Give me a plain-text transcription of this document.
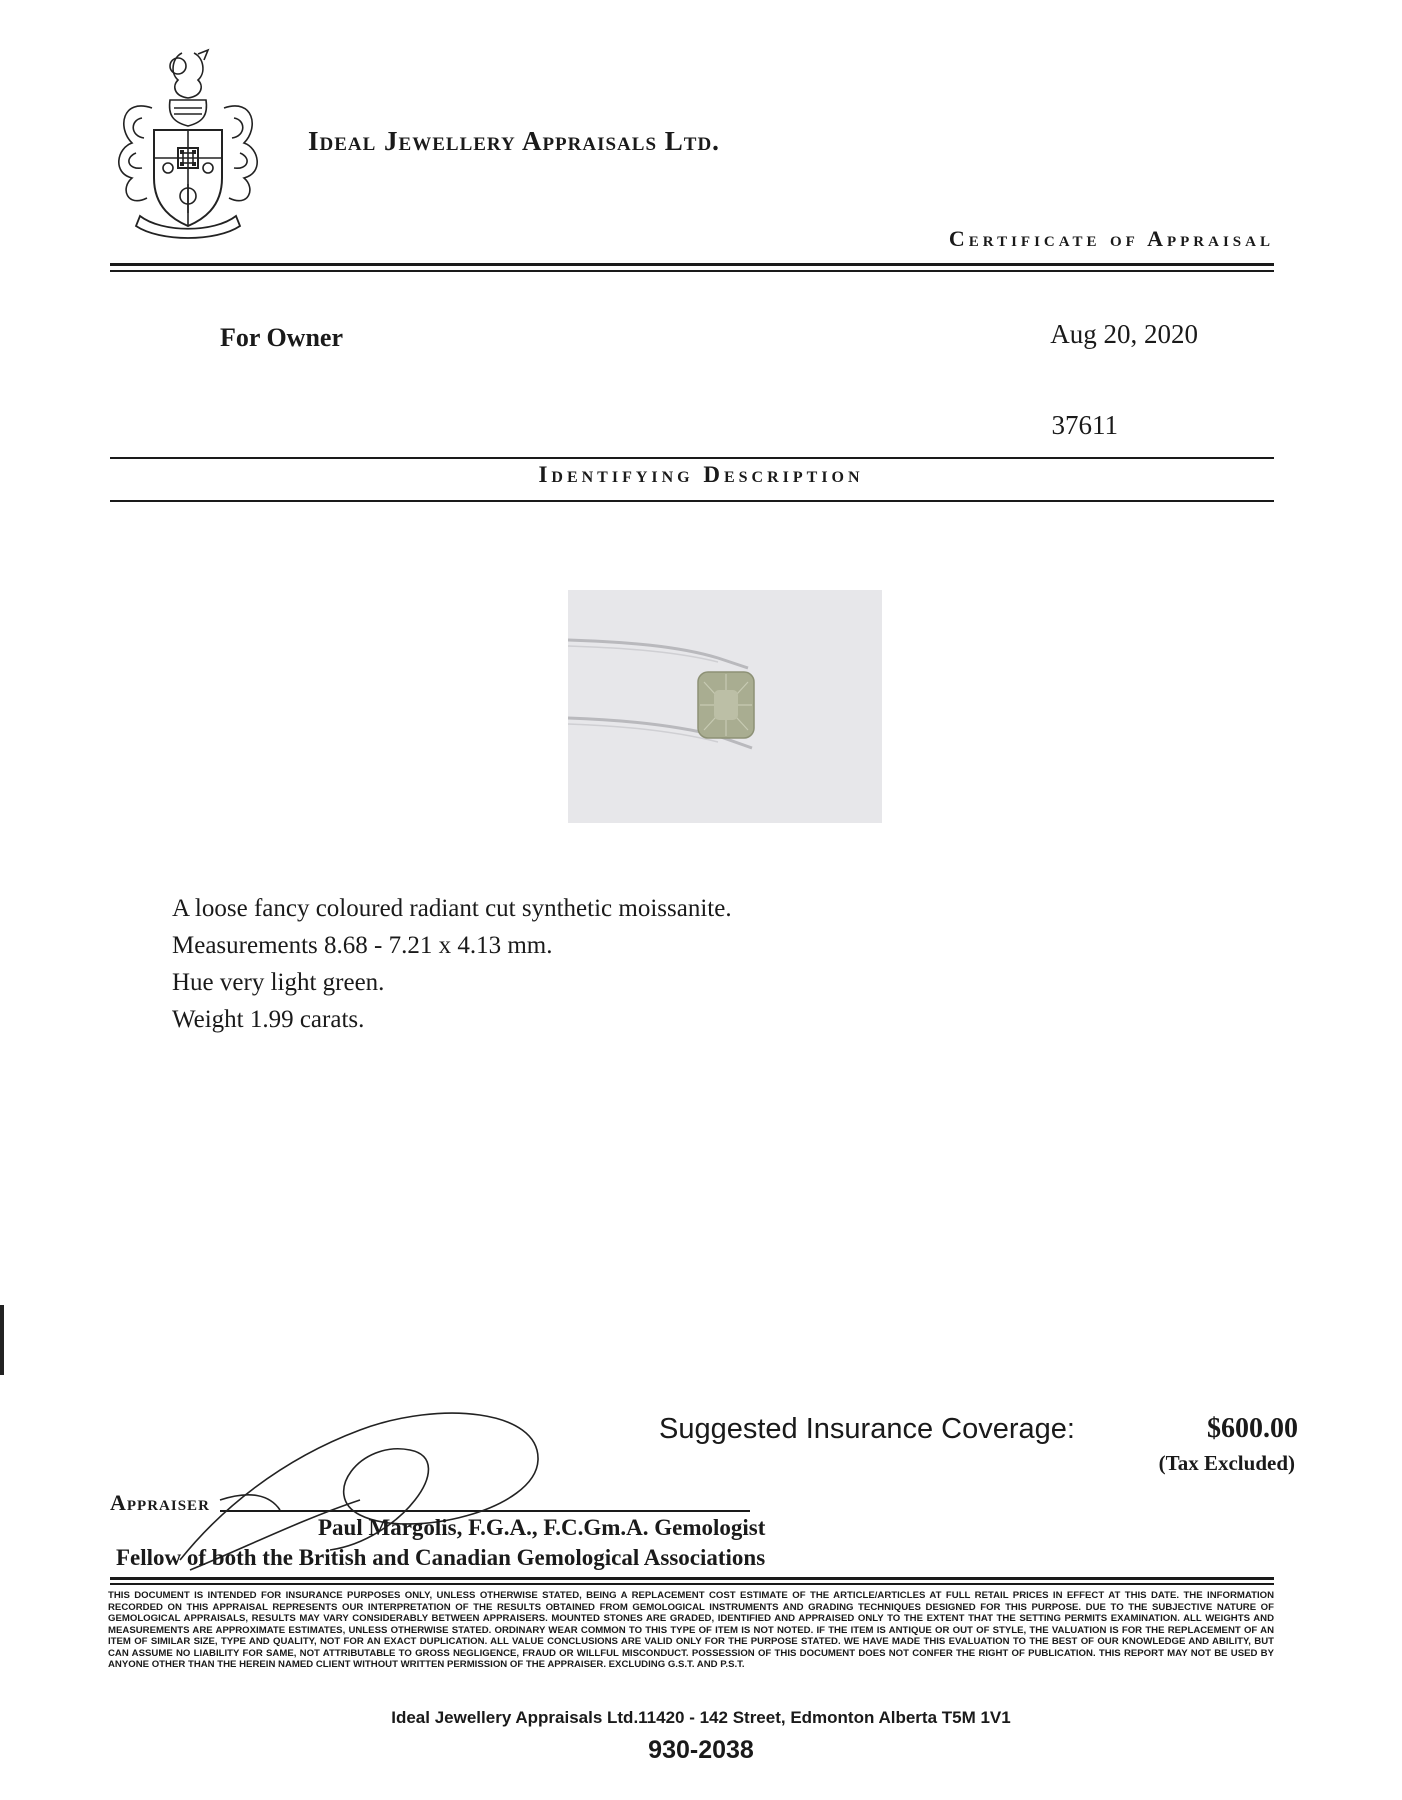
Ideal Jewellery Appraisals Ltd.
Certificate of Appraisal
For Owner	Aug 20, 2020
37611
Identifying Description
A loose fancy coloured radiant cut synthetic moissanite.
Measurements 8.68 - 7.21 x 4.13 mm.
Hue very light green.
Weight 1.99 carats.
Suggested Insurance Coverage:	$600.00
(Tax Excluded)
Appraiser
Paul Margolis, F.G.A., F.C.Gm.A. Gemologist
Fellow of both the British and Canadian Gemological Associations
THIS DOCUMENT IS INTENDED FOR INSURANCE PURPOSES ONLY, UNLESS OTHERWISE STATED, BEING A REPLACEMENT COST ESTIMATE OF THE ARTICLE/ARTICLES AT FULL RETAIL PRICES IN EFFECT AT THIS DATE. THE INFORMATION RECORDED ON THIS APPRAISAL REPRESENTS OUR INTERPRETATION OF THE RESULTS OBTAINED FROM GEMOLOGICAL INSTRUMENTS AND GRADING TECHNIQUES DESIGNED FOR THIS PURPOSE. DUE TO THE SUBJECTIVE NATURE OF GEMOLOGICAL APPRAISALS, RESULTS MAY VARY CONSIDERABLY BETWEEN APPRAISERS. MOUNTED STONES ARE GRADED, IDENTIFIED AND APPRAISED ONLY TO THE EXTENT THAT THE SETTING PERMITS EXAMINATION. ALL WEIGHTS AND MEASUREMENTS ARE APPROXIMATE ESTIMATES, UNLESS OTHERWISE STATED. ORDINARY WEAR COMMON TO THIS TYPE OF ITEM IS NOT NOTED. IF THE ITEM IS ANTIQUE OR OUT OF STYLE, THE VALUATION IS FOR THE REPLACEMENT OF AN ITEM OF SIMILAR SIZE, TYPE AND QUALITY, NOT FOR AN EXACT DUPLICATION. ALL VALUE CONCLUSIONS ARE VALID ONLY FOR THE PURPOSE STATED. WE HAVE MADE THIS EVALUATION TO THE BEST OF OUR KNOWLEDGE AND ABILITY, BUT CAN ASSUME NO LIABILITY FOR SAME, NOT ATTRIBUTABLE TO GROSS NEGLIGENCE, FRAUD OR WILLFUL MISCONDUCT. POSSESSION OF THIS DOCUMENT DOES NOT CONFER THE RIGHT OF PUBLICATION. THIS REPORT MAY NOT BE USED BY ANYONE OTHER THAN THE HEREIN NAMED CLIENT WITHOUT WRITTEN PERMISSION OF THE APPRAISER. EXCLUDING G.S.T. AND P.S.T.
Ideal Jewellery Appraisals Ltd.11420 - 142 Street, Edmonton Alberta T5M 1V1
930-2038
